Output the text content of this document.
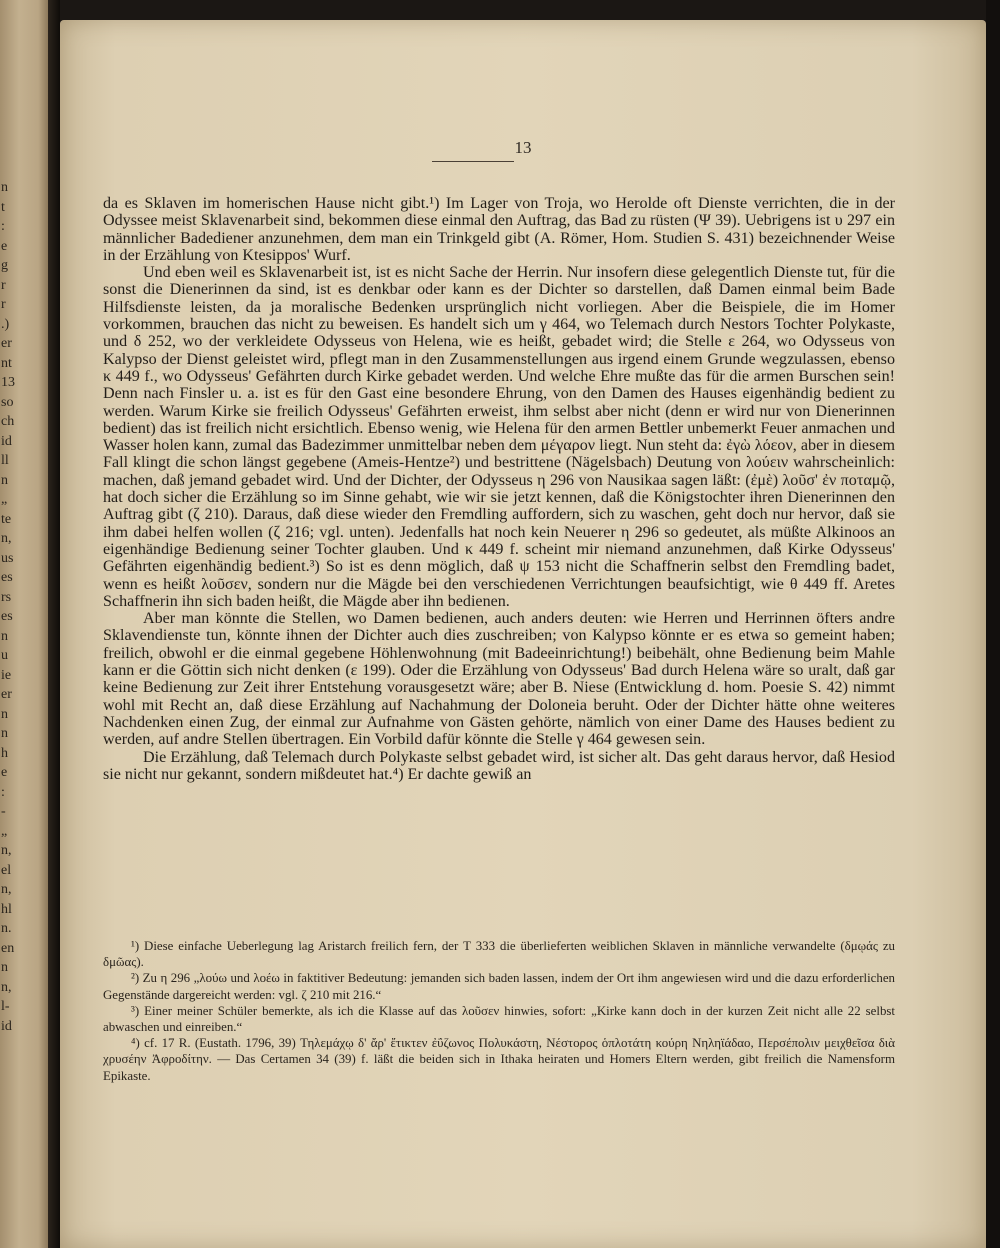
n
t
:
e
g
r
r
.)
er
nt
13
so
ch
id
ll
n
„
te
n,
us
es
rs
es
n
u
ie
er
n
n
h
e
:
-
„
n,
el
n,
hl
n.
en
n
n,
l-
id
13

da es Sklaven im homerischen Hause nicht gibt.¹) Im Lager von Troja, wo Herolde oft Dienste verrichten, die in der Odyssee meist Sklavenarbeit sind, bekommen diese einmal den Auftrag, das Bad zu rüsten (Ψ 39). Uebrigens ist υ 297 ein männlicher Badediener anzunehmen, dem man ein Trinkgeld gibt (A. Römer, Hom. Studien S. 431) bezeichnender Weise in der Erzählung von Ktesippos' Wurf.

Und eben weil es Sklavenarbeit ist, ist es nicht Sache der Herrin. Nur insofern diese gelegentlich Dienste tut, für die sonst die Dienerinnen da sind, ist es denkbar oder kann es der Dichter so darstellen, daß Damen einmal beim Bade Hilfsdienste leisten, da ja moralische Bedenken ursprünglich nicht vorliegen. Aber die Beispiele, die im Homer vorkommen, brauchen das nicht zu beweisen. Es handelt sich um γ 464, wo Telemach durch Nestors Tochter Polykaste, und δ 252, wo der verkleidete Odysseus von Helena, wie es heißt, gebadet wird; die Stelle ε 264, wo Odysseus von Kalypso der Dienst geleistet wird, pflegt man in den Zusammenstellungen aus irgend einem Grunde wegzulassen, ebenso κ 449 f., wo Odysseus' Gefährten durch Kirke gebadet werden. Und welche Ehre mußte das für die armen Burschen sein! Denn nach Finsler u. a. ist es für den Gast eine besondere Ehrung, von den Damen des Hauses eigenhändig bedient zu werden. Warum Kirke sie freilich Odysseus' Gefährten erweist, ihm selbst aber nicht (denn er wird nur von Dienerinnen bedient) das ist freilich nicht ersichtlich. Ebenso wenig, wie Helena für den armen Bettler unbemerkt Feuer anmachen und Wasser holen kann, zumal das Badezimmer unmittelbar neben dem μέγαρον liegt. Nun steht da: ἐγὼ λόεον, aber in diesem Fall klingt die schon längst gegebene (Ameis-Hentze²) und bestrittene (Nägelsbach) Deutung von λούειν wahrscheinlich: machen, daß jemand gebadet wird. Und der Dichter, der Odysseus η 296 von Nausikaa sagen läßt: (ἐμὲ) λοῦσ' ἐν ποταμῷ, hat doch sicher die Erzählung so im Sinne gehabt, wie wir sie jetzt kennen, daß die Königstochter ihren Dienerinnen den Auftrag gibt (ζ 210). Daraus, daß diese wieder den Fremdling auffordern, sich zu waschen, geht doch nur hervor, daß sie ihm dabei helfen wollen (ζ 216; vgl. unten). Jedenfalls hat noch kein Neuerer η 296 so gedeutet, als müßte Alkinoos an eigenhändige Bedienung seiner Tochter glauben. Und κ 449 f. scheint mir niemand anzunehmen, daß Kirke Odysseus' Gefährten eigenhändig bedient.³) So ist es denn möglich, daß ψ 153 nicht die Schaffnerin selbst den Fremdling badet, wenn es heißt λοῦσεν, sondern nur die Mägde bei den verschiedenen Verrichtungen beaufsichtigt, wie θ 449 ff. Aretes Schaffnerin ihn sich baden heißt, die Mägde aber ihn bedienen.

Aber man könnte die Stellen, wo Damen bedienen, auch anders deuten: wie Herren und Herrinnen öfters andre Sklavendienste tun, könnte ihnen der Dichter auch dies zuschreiben; von Kalypso könnte er es etwa so gemeint haben; freilich, obwohl er die einmal gegebene Höhlenwohnung (mit Badeeinrichtung!) beibehält, ohne Bedienung beim Mahle kann er die Göttin sich nicht denken (ε 199). Oder die Erzählung von Odysseus' Bad durch Helena wäre so uralt, daß gar keine Bedienung zur Zeit ihrer Entstehung vorausgesetzt wäre; aber B. Niese (Entwicklung d. hom. Poesie S. 42) nimmt wohl mit Recht an, daß diese Erzählung auf Nachahmung der Doloneia beruht. Oder der Dichter hätte ohne weiteres Nachdenken einen Zug, der einmal zur Aufnahme von Gästen gehörte, nämlich von einer Dame des Hauses bedient zu werden, auf andre Stellen übertragen. Ein Vorbild dafür könnte die Stelle γ 464 gewesen sein.

Die Erzählung, daß Telemach durch Polykaste selbst gebadet wird, ist sicher alt. Das geht daraus hervor, daß Hesiod sie nicht nur gekannt, sondern mißdeutet hat.⁴) Er dachte gewiß an

¹) Diese einfache Ueberlegung lag Aristarch freilich fern, der Τ 333 die überlieferten weiblichen Sklaven in männliche verwandelte (δμῳάς zu δμῶας).

²) Zu η 296 „λούω und λοέω in faktitiver Bedeutung: jemanden sich baden lassen, indem der Ort ihm angewiesen wird und die dazu erforderlichen Gegenstände dargereicht werden: vgl. ζ 210 mit 216.“

³) Einer meiner Schüler bemerkte, als ich die Klasse auf das λοῦσεν hinwies, sofort: „Kirke kann doch in der kurzen Zeit nicht alle 22 selbst abwaschen und einreiben.“

⁴) cf. 17 R. (Eustath. 1796, 39) Τηλεμάχῳ δ' ἄρ' ἔτικτεν ἐΰζωνος Πολυκάστη, Νέστορος ὁπλοτάτη κούρη Νηληϊάδαο, Περσέπολιν μειχθεῖσα διὰ χρυσέην Ἀφροδίτην. — Das Certamen 34 (39) f. läßt die beiden sich in Ithaka heiraten und Homers Eltern werden, gibt freilich die Namensform Epikaste.
